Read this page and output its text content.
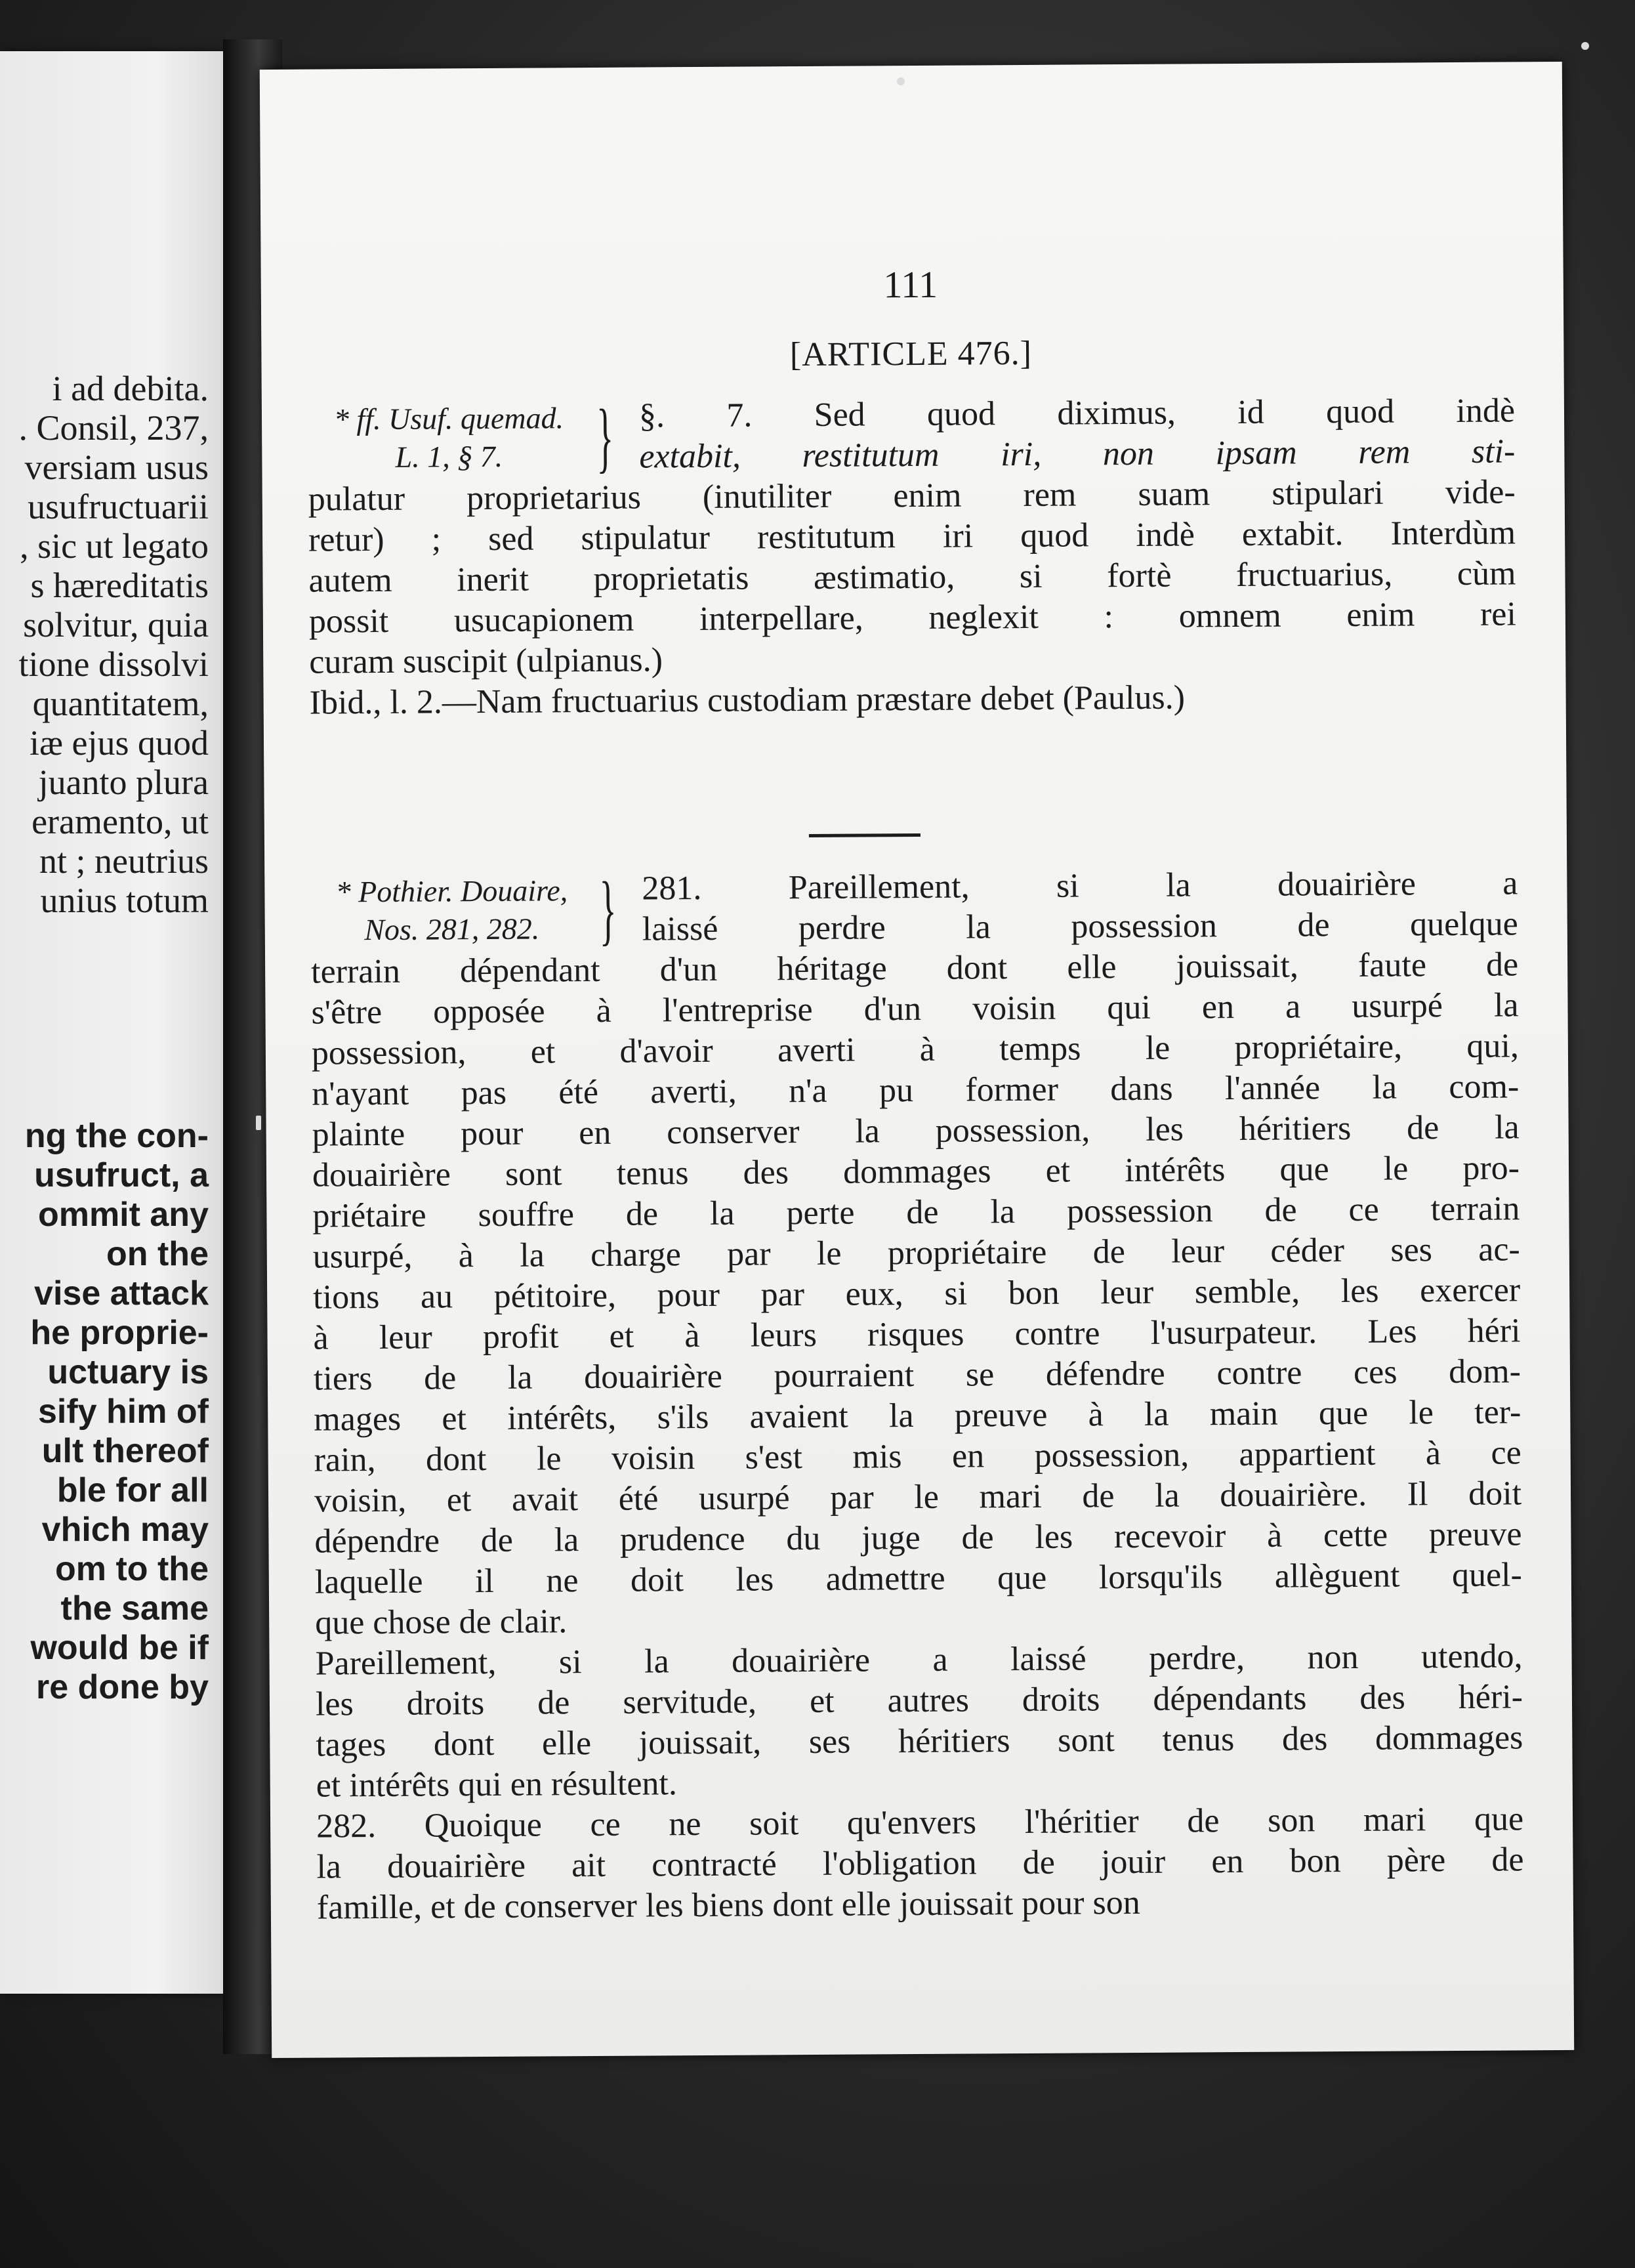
i ad debita.
. Consil, 237,
versiam usus
usufructuarii
, sic ut legato
s hæreditatis
solvitur, quia
tione dissolvi
quantitatem,
iæ ejus quod
juanto plura
eramento, ut
nt ; neutrius
unius totum
ng the con-
usufruct, a
ommit any
on the
vise attack
he proprie-
uctuary is
sify him of
ult thereof
ble for all
vhich may
om to the
the same
would be if
re done by
111
[ARTICLE 476.]
* ff. Usuf. quemad.
L. 1, § 7.	} §. 7. Sed quod diximus, id quod indè
extabit, restitutum iri, non ipsam rem sti-
pulatur proprietarius (inutiliter enim rem suam stipulari vide-
retur) ; sed stipulatur restitutum iri quod indè extabit. Interdùm
autem inerit proprietatis æstimatio, si fortè fructuarius, cùm
possit usucapionem interpellare, neglexit : omnem enim rei
curam suscipit (ulpianus.)
Ibid., l. 2.—Nam fructuarius custodiam præstare debet (Paulus.)
* Pothier. Douaire,
Nos. 281, 282. } 281. Pareillement, si la douairière a
laissé perdre la possession de quelque
terrain dépendant d'un héritage dont elle jouissait, faute de
s'être opposée à l'entreprise d'un voisin qui en a usurpé la
possession, et d'avoir averti à temps le propriétaire, qui,
n'ayant pas été averti, n'a pu former dans l'année la com-
plainte pour en conserver la possession, les héritiers de la
douairière sont tenus des dommages et intérêts que le pro-
priétaire souffre de la perte de la possession de ce terrain
usurpé, à la charge par le propriétaire de leur céder ses ac-
tions au pétitoire, pour par eux, si bon leur semble, les exercer
à leur profit et à leurs risques contre l'usurpateur. Les héri
tiers de la douairière pourraient se défendre contre ces dom-
mages et intérêts, s'ils avaient la preuve à la main que le ter-
rain, dont le voisin s'est mis en possession, appartient à ce
voisin, et avait été usurpé par le mari de la douairière. Il doit
dépendre de la prudence du juge de les recevoir à cette preuve
laquelle il ne doit les admettre que lorsqu'ils allèguent quel-
que chose de clair.
Pareillement, si la douairière a laissé perdre, non utendo,
les droits de servitude, et autres droits dépendants des héri-
tages dont elle jouissait, ses héritiers sont tenus des dommages
et intérêts qui en résultent.
282. Quoique ce ne soit qu'envers l'héritier de son mari que
la douairière ait contracté l'obligation de jouir en bon père de
famille, et de conserver les biens dont elle jouissait pour son
